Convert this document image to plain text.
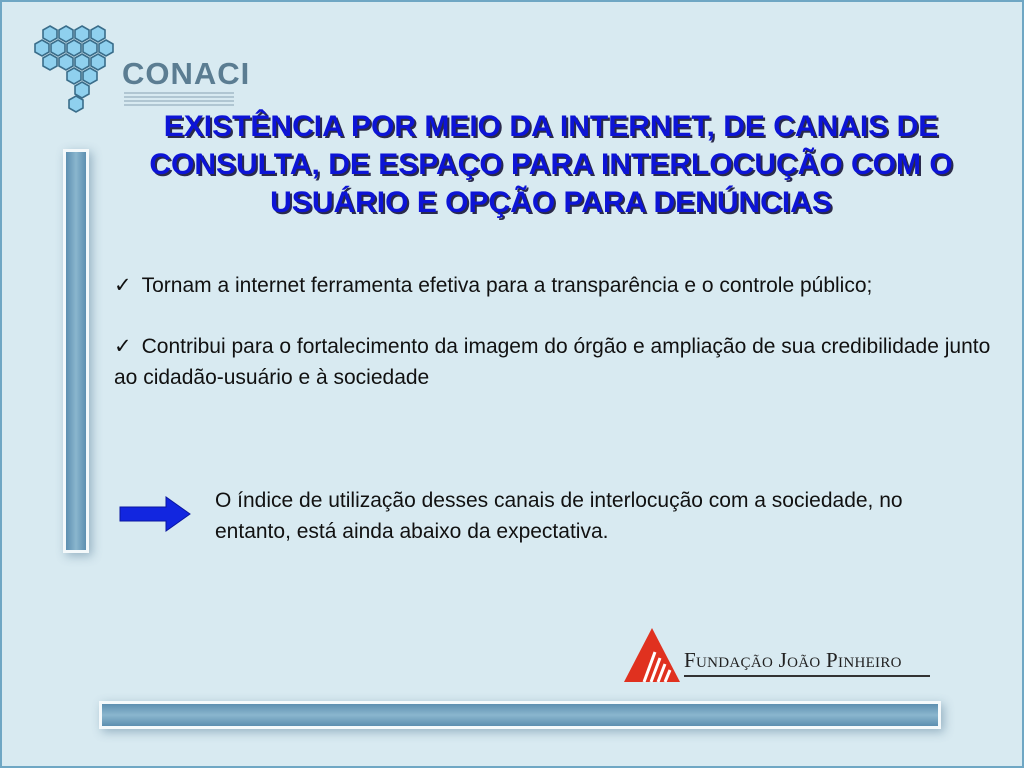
CONACI
EXISTÊNCIA POR MEIO DA INTERNET, DE CANAIS DE CONSULTA, DE ESPAÇO PARA INTERLOCUÇÃO COM O USUÁRIO E OPÇÃO PARA DENÚNCIAS
✓ Tornam a internet ferramenta efetiva para a transparência e o controle público;
✓ Contribui para o fortalecimento da imagem do órgão e ampliação de sua credibilidade junto ao cidadão-usuário e à sociedade
O índice de utilização desses canais de interlocução com a sociedade, no entanto, está ainda abaixo da expectativa.
Fundação João Pinheiro
